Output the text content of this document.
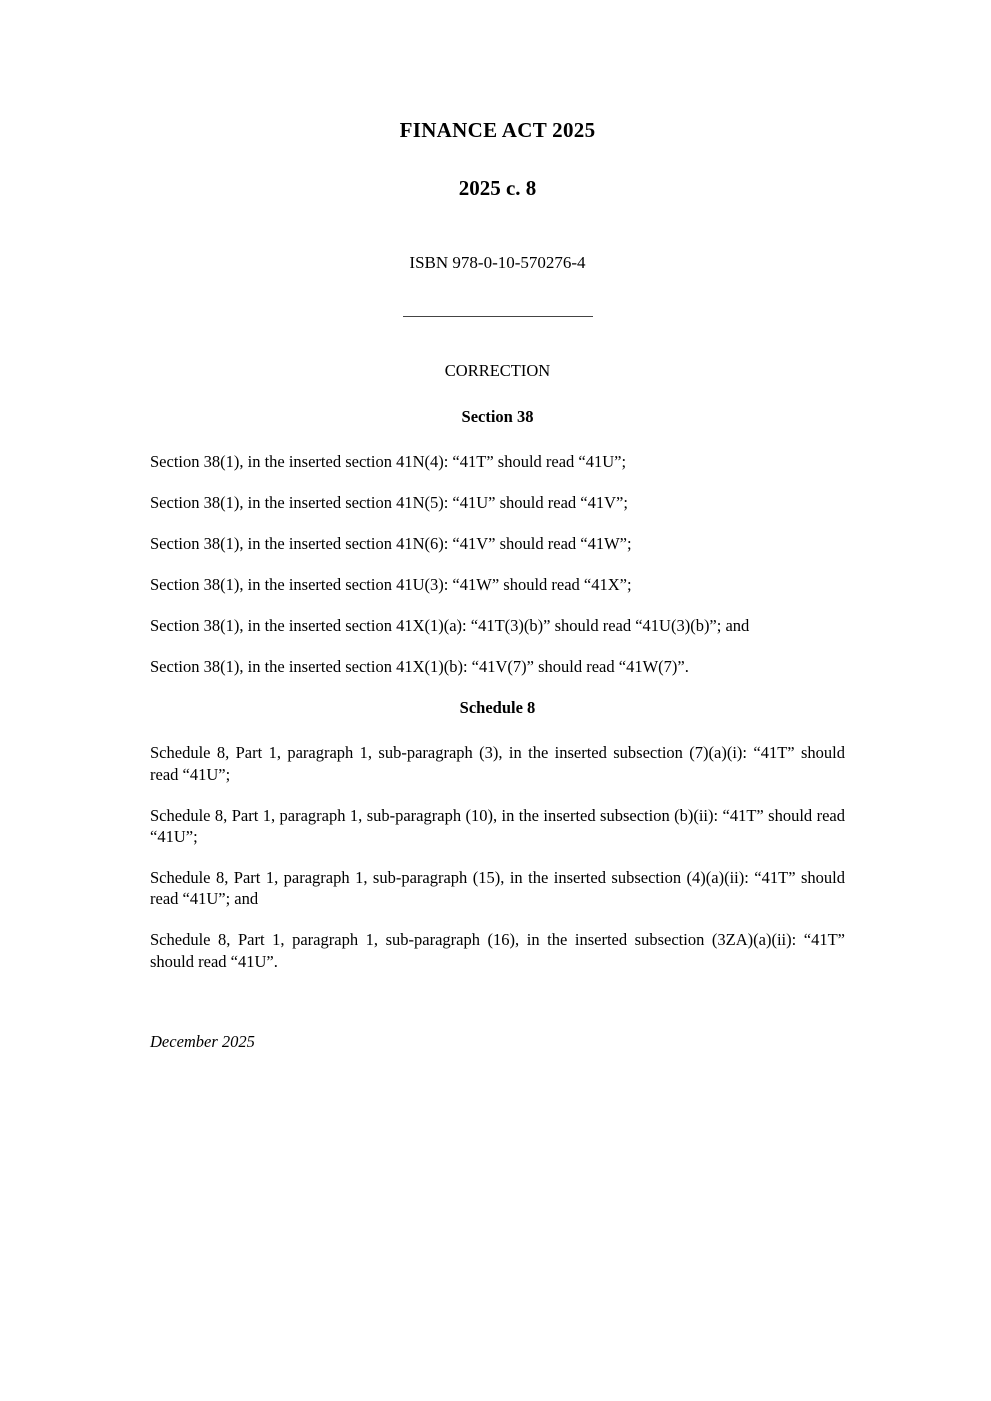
FINANCE ACT 2025
2025 c. 8

ISBN 978-0-10-570276-4

CORRECTION

Section 38

Section 38(1), in the inserted section 41N(4): “41T” should read “41U”;

Section 38(1), in the inserted section 41N(5): “41U” should read “41V”;

Section 38(1), in the inserted section 41N(6): “41V” should read “41W”;

Section 38(1), in the inserted section 41U(3): “41W” should read “41X”;

Section 38(1), in the inserted section 41X(1)(a): “41T(3)(b)” should read “41U(3)(b)”; and

Section 38(1), in the inserted section 41X(1)(b): “41V(7)” should read “41W(7)”.

Schedule 8

Schedule 8, Part 1, paragraph 1, sub-paragraph (3), in the inserted subsection (7)(a)(i): “41T” should read “41U”;

Schedule 8, Part 1, paragraph 1, sub-paragraph (10), in the inserted subsection (b)(ii): “41T” should read “41U”;

Schedule 8, Part 1, paragraph 1, sub-paragraph (15), in the inserted subsection (4)(a)(ii): “41T” should read “41U”; and

Schedule 8, Part 1, paragraph 1, sub-paragraph (16), in the inserted subsection (3ZA)(a)(ii): “41T” should read “41U”.

December 2025
